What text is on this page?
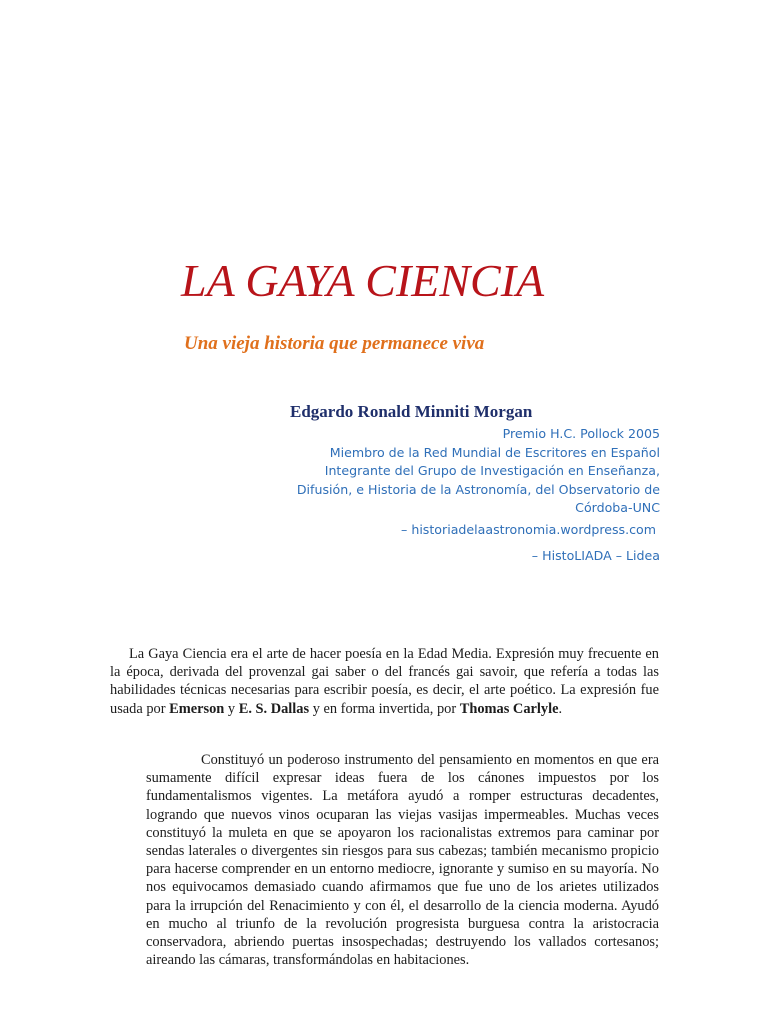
LA GAYA CIENCIA
Una vieja historia que permanece viva
Edgardo Ronald Minniti Morgan
Premio H.C. Pollock 2005
Miembro de la Red Mundial de Escritores en Español
Integrante del Grupo de Investigación en Enseñanza,
Difusión, e Historia de la Astronomía, del Observatorio de
Córdoba-UNC
– historiadelaastronomia.wordpress.com
– HistoLIADA – Lidea

La Gaya Ciencia era el arte de hacer poesía en la Edad Media. Expresión muy frecuente en la época, derivada del provenzal gai saber o del francés gai savoir, que refería a todas las habilidades técnicas necesarias para escribir poesía, es decir, el arte poético. La expresión fue usada por Emerson y E. S. Dallas y en forma invertida, por Thomas Carlyle.

Constituyó un poderoso instrumento del pensamiento en momentos en que era sumamente difícil expresar ideas fuera de los cánones impuestos por los fundamentalismos vigentes. La metáfora ayudó a romper estructuras decadentes, logrando que nuevos vinos ocuparan las viejas vasijas impermeables. Muchas veces constituyó la muleta en que se apoyaron los racionalistas extremos para caminar por sendas laterales o divergentes sin riesgos para sus cabezas; también mecanismo propicio para hacerse comprender en un entorno mediocre, ignorante y sumiso en su mayoría. No nos equivocamos demasiado cuando afirmamos que fue uno de los arietes utilizados para la irrupción del Renacimiento y con él, el desarrollo de la ciencia moderna. Ayudó en mucho al triunfo de la revolución progresista burguesa contra la aristocracia conservadora, abriendo puertas insospechadas; destruyendo los vallados cortesanos; aireando las cámaras, transformándolas en habitaciones.
